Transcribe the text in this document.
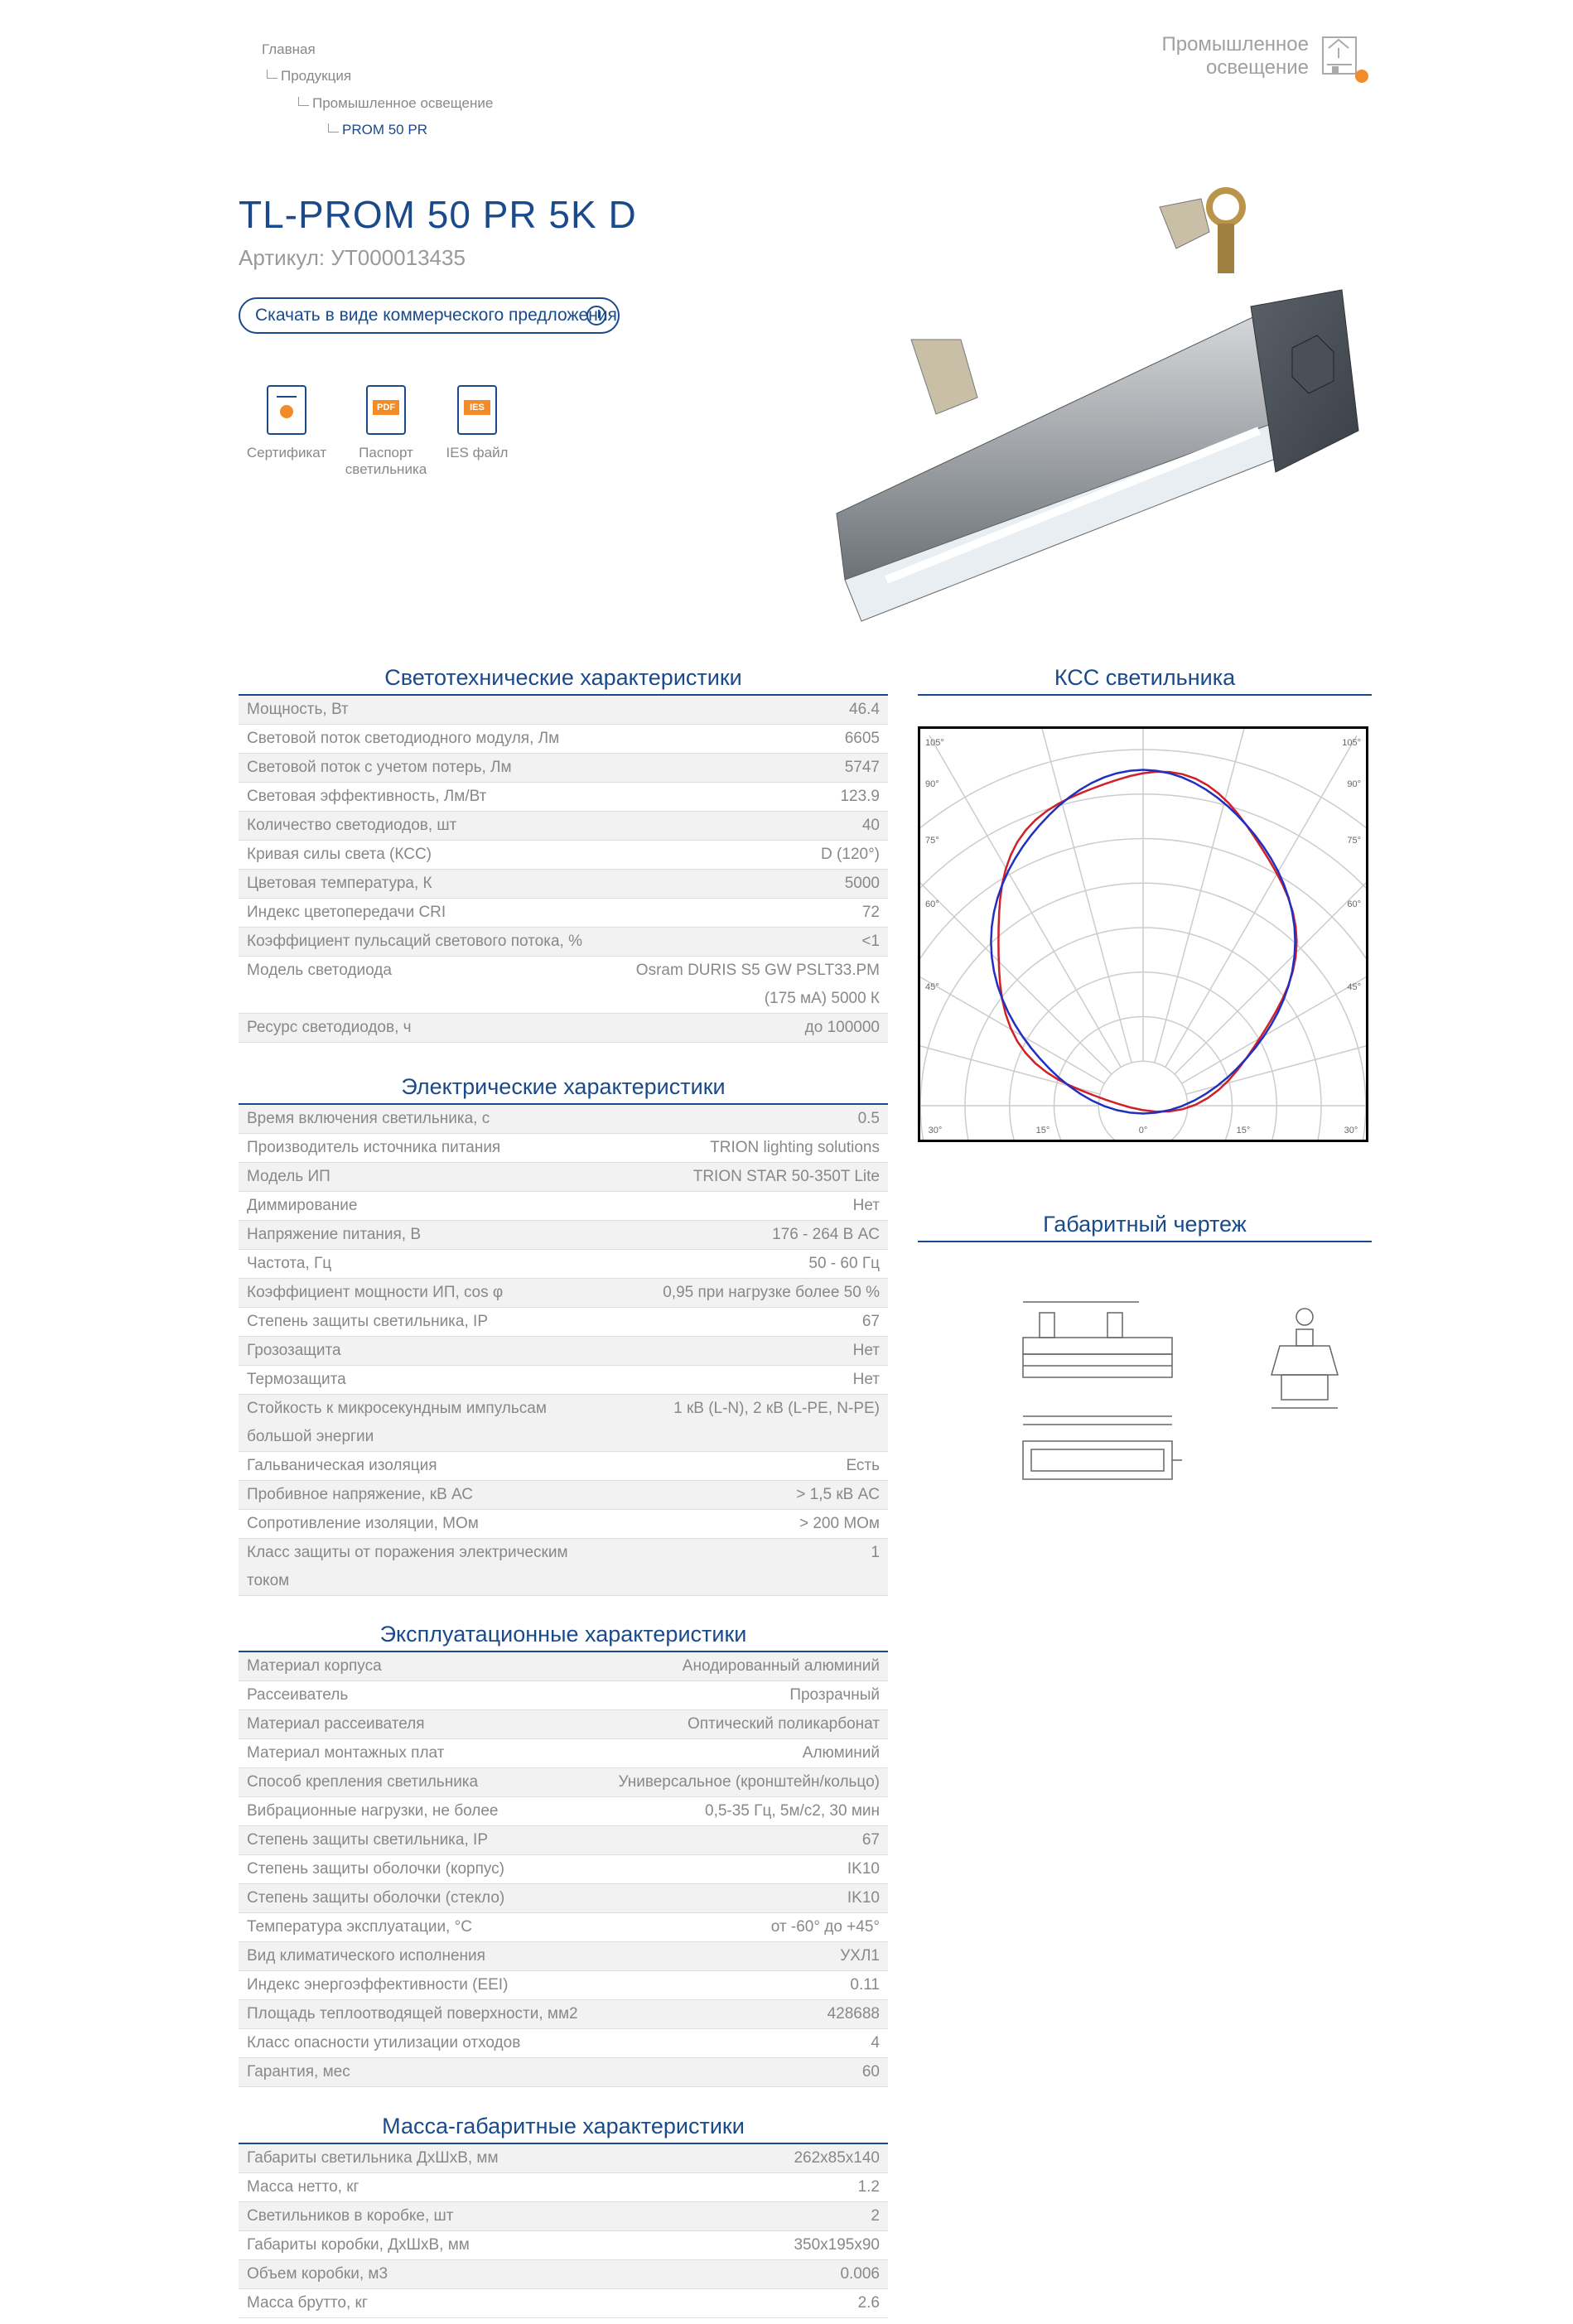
Главная
Продукция
Промышленное освещение
PROM 50 PR
Промышленное
освещение
TL-PROM 50 PR 5K D
Артикул: УТ000013435
Скачать в виде коммерческого предложения
Сертификат
PDF
Паспорт светильника
IES
IES файл
Светотехнические характеристики
Мощность, Вт	46.4
Световой поток светодиодного модуля, Лм	6605
Световой поток с учетом потерь, Лм	5747
Световая эффективность, Лм/Вт	123.9
Количество светодиодов, шт	40
Кривая силы света (КСС)	D (120°)
Цветовая температура, К	5000
Индекс цветопередачи CRI	72
Коэффициент пульсаций светового потока, %	<1
Модель светодиода	Osram DURIS S5 GW PSLT33.PM (175 мА) 5000 К
Ресурс светодиодов, ч	до 100000
Электрические характеристики
Время включения светильника, с	0.5
Производитель источника питания	TRION lighting solutions
Модель ИП	TRION STAR 50-350T Lite
Диммирование	Нет
Напряжение питания, В	176 - 264 В AC
Частота, Гц	50 - 60 Гц
Коэффициент мощности ИП, cos φ	0,95 при нагрузке более 50 %
Степень защиты светильника, IP	67
Грозозащита	Нет
Термозащита	Нет
Стойкость к микросекундным импульсам большой энергии	1 кВ (L-N), 2 кВ (L-PE, N-PE)
Гальваническая изоляция	Есть
Пробивное напряжение, кВ АС	> 1,5 кВ AC
Сопротивление изоляции, МОм	> 200 МОм
Класс защиты от поражения электрическим током	1
Эксплуатационные характеристики
Материал корпуса	Анодированный алюминий
Рассеиватель	Прозрачный
Материал рассеивателя	Оптический поликарбонат
Материал монтажных плат	Алюминий
Способ крепления светильника	Универсальное (кронштейн/кольцо)
Вибрационные нагрузки, не более	0,5-35 Гц, 5м/с2, 30 мин
Степень защиты светильника, IP	67
Степень защиты оболочки (корпус)	IK10
Степень защиты оболочки (стекло)	IK10
Температура эксплуатации, °С	от -60° до +45°
Вид климатического исполнения	УХЛ1
Индекс энергоэффективности (EEI)	0.11
Площадь теплоотводящей поверхности, мм2	428688
Класс опасности утилизации отходов	4
Гарантия, мес	60
Масса-габаритные характеристики
Габариты светильника ДхШхВ, мм	262x85x140
Масса нетто, кг	1.2
Светильников в коробке, шт	2
Габариты коробки, ДхШхВ, мм	350x195x90
Объем коробки, м3	0.006
Масса брутто, кг	2.6
КСС светильника
105°
90°
75°
60°
45°
105°
90°
75°
60°
45°
30°	15°	0°	15°	30°
Габаритный чертеж
